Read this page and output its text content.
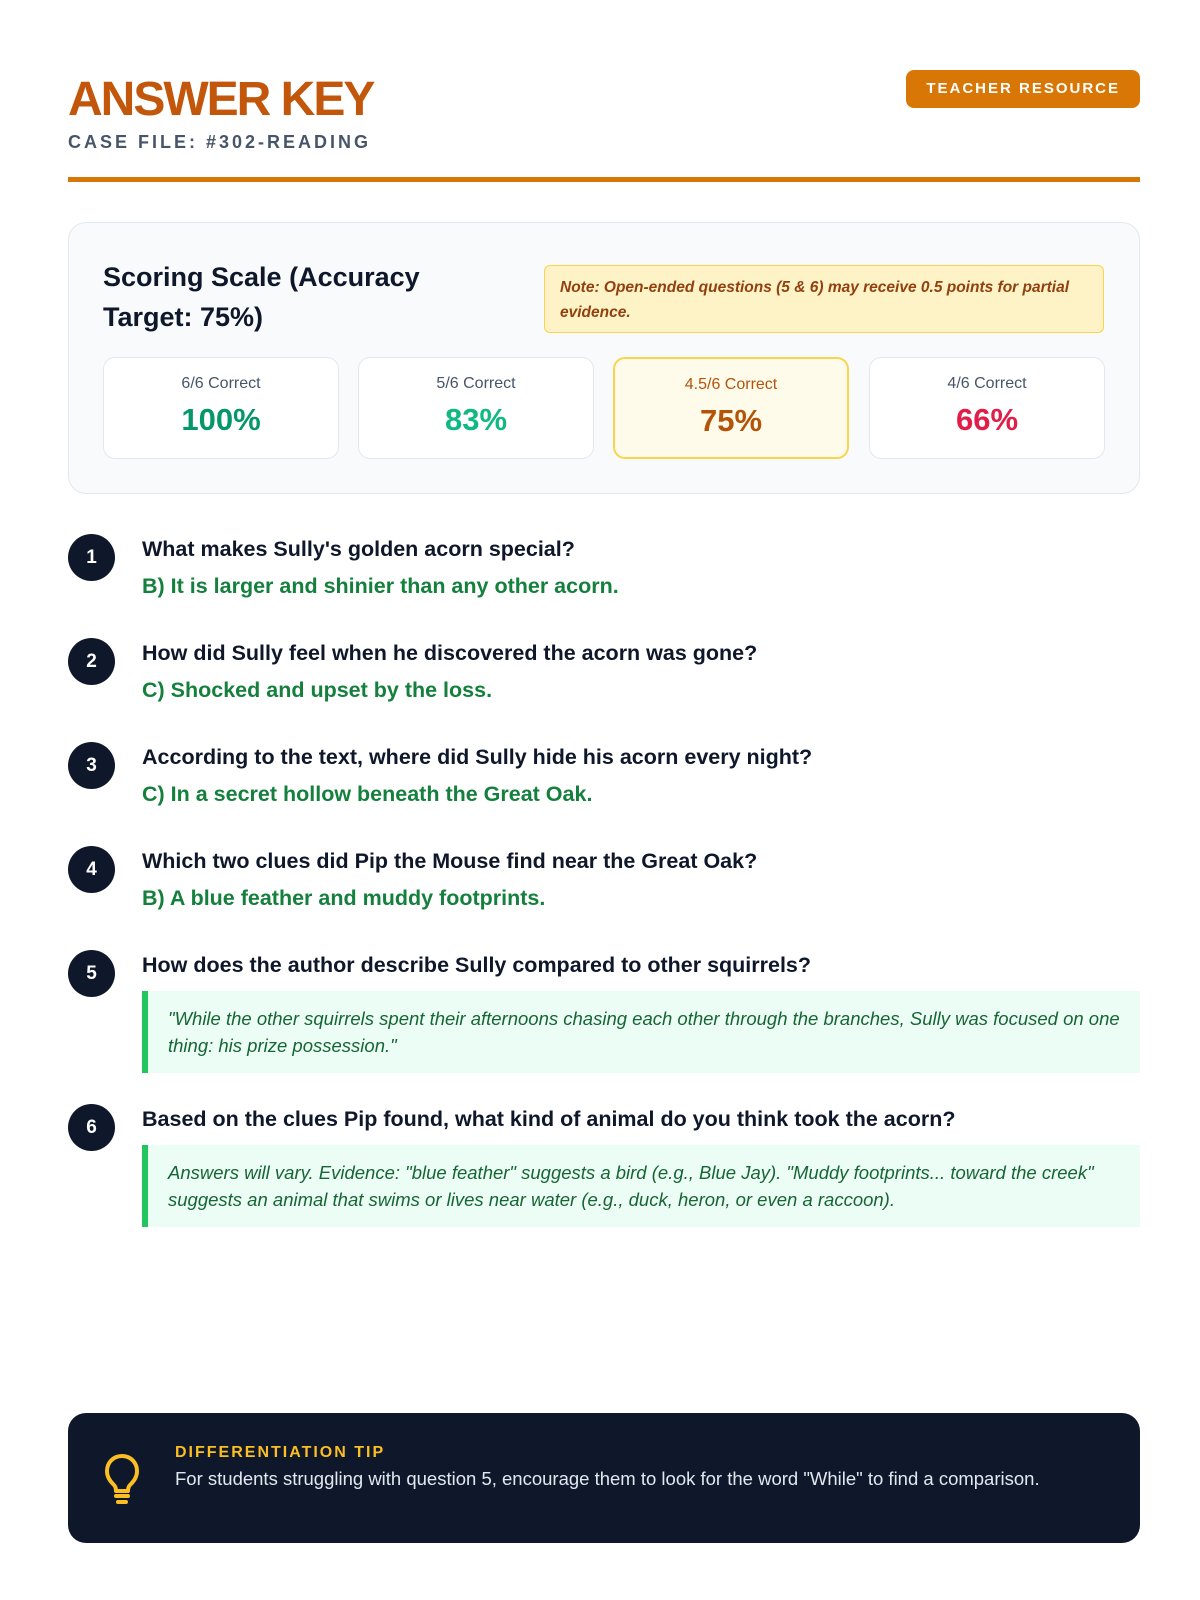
ANSWER KEY
CASE FILE: #302-READING
TEACHER RESOURCE
Scoring Scale (Accuracy Target: 75%)
Note: Open-ended questions (5 & 6) may receive 0.5 points for partial evidence.
6/6 Correct
100%
5/6 Correct
83%
4.5/6 Correct
75%
4/6 Correct
66%
1	What makes Sully's golden acorn special?
B) It is larger and shinier than any other acorn.
2	How did Sully feel when he discovered the acorn was gone?
C) Shocked and upset by the loss.
3	According to the text, where did Sully hide his acorn every night?
C) In a secret hollow beneath the Great Oak.
4	Which two clues did Pip the Mouse find near the Great Oak?
B) A blue feather and muddy footprints.
5	How does the author describe Sully compared to other squirrels?
"While the other squirrels spent their afternoons chasing each other through the branches, Sully was focused on one thing: his prize possession."
6	Based on the clues Pip found, what kind of animal do you think took the acorn?
Answers will vary. Evidence: "blue feather" suggests a bird (e.g., Blue Jay). "Muddy footprints... toward the creek" suggests an animal that swims or lives near water (e.g., duck, heron, or even a raccoon).
DIFFERENTIATION TIP
For students struggling with question 5, encourage them to look for the word "While" to find a comparison.
